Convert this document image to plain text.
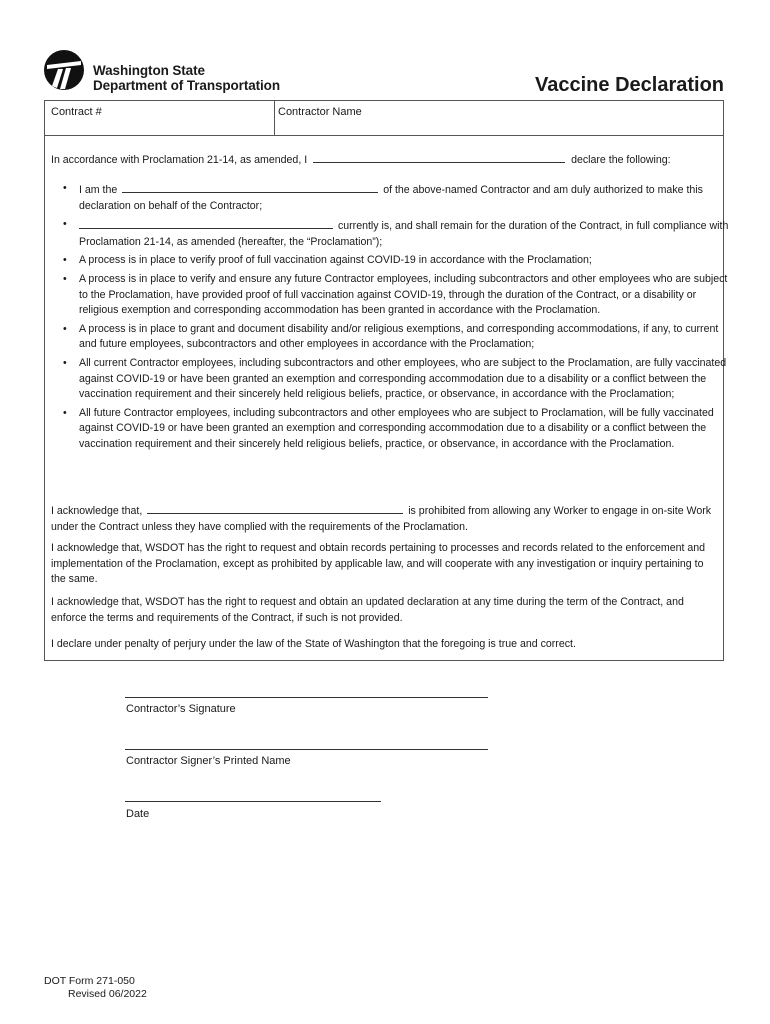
Washington State
Department of Transportation	Vaccine Declaration
Contract #	Contractor Name
In accordance with Proclamation 21-14, as amended, I	declare the following:
• I am the	of the above-named Contractor and am duly authorized to make this declaration on behalf of the Contractor;
• currently is, and shall remain for the duration of the Contract, in full compliance with Proclamation 21-14, as amended (hereafter, the “Proclamation”);
• A process is in place to verify proof of full vaccination against COVID-19 in accordance with the Proclamation;
• A process is in place to verify and ensure any future Contractor employees, including subcontractors and other employees who are subject to the Proclamation, have provided proof of full vaccination against COVID-19, through the duration of the Contract, or a disability or religious exemption and corresponding accommodation has been granted in accordance with the Proclamation.
• A process is in place to grant and document disability and/or religious exemptions, and corresponding accommodations, if any, to current and future employees, subcontractors and other employees in accordance with the Proclamation;
• All current Contractor employees, including subcontractors and other employees, who are subject to the Proclamation, are fully vaccinated against COVID-19 or have been granted an exemption and corresponding accommodation due to a disability or a conflict between the vaccination requirement and their sincerely held religious beliefs, practice, or observance, in accordance with the Proclamation;
• All future Contractor employees, including subcontractors and other employees who are subject to Proclamation, will be fully vaccinated against COVID-19 or have been granted an exemption and corresponding accommodation due to a disability or a conflict between the vaccination requirement and their sincerely held religious beliefs, practice, or observance, in accordance with the Proclamation.

I acknowledge that,	is prohibited from allowing any Worker to engage in on-site Work under the Contract unless they have complied with the requirements of the Proclamation.

I acknowledge that, WSDOT has the right to request and obtain records pertaining to processes and records related to the enforcement and implementation of the Proclamation, except as prohibited by applicable law, and will cooperate with any investigation or inquiry pertaining to the same.

I acknowledge that, WSDOT has the right to request and obtain an updated declaration at any time during the term of the Contract, and enforce the terms and requirements of the Contract, if such is not provided.

I declare under penalty of perjury under the law of the State of Washington that the foregoing is true and correct.

Contractor’s Signature
Contractor Signer’s Printed Name
Date
DOT Form 271-050
Revised 06/2022
